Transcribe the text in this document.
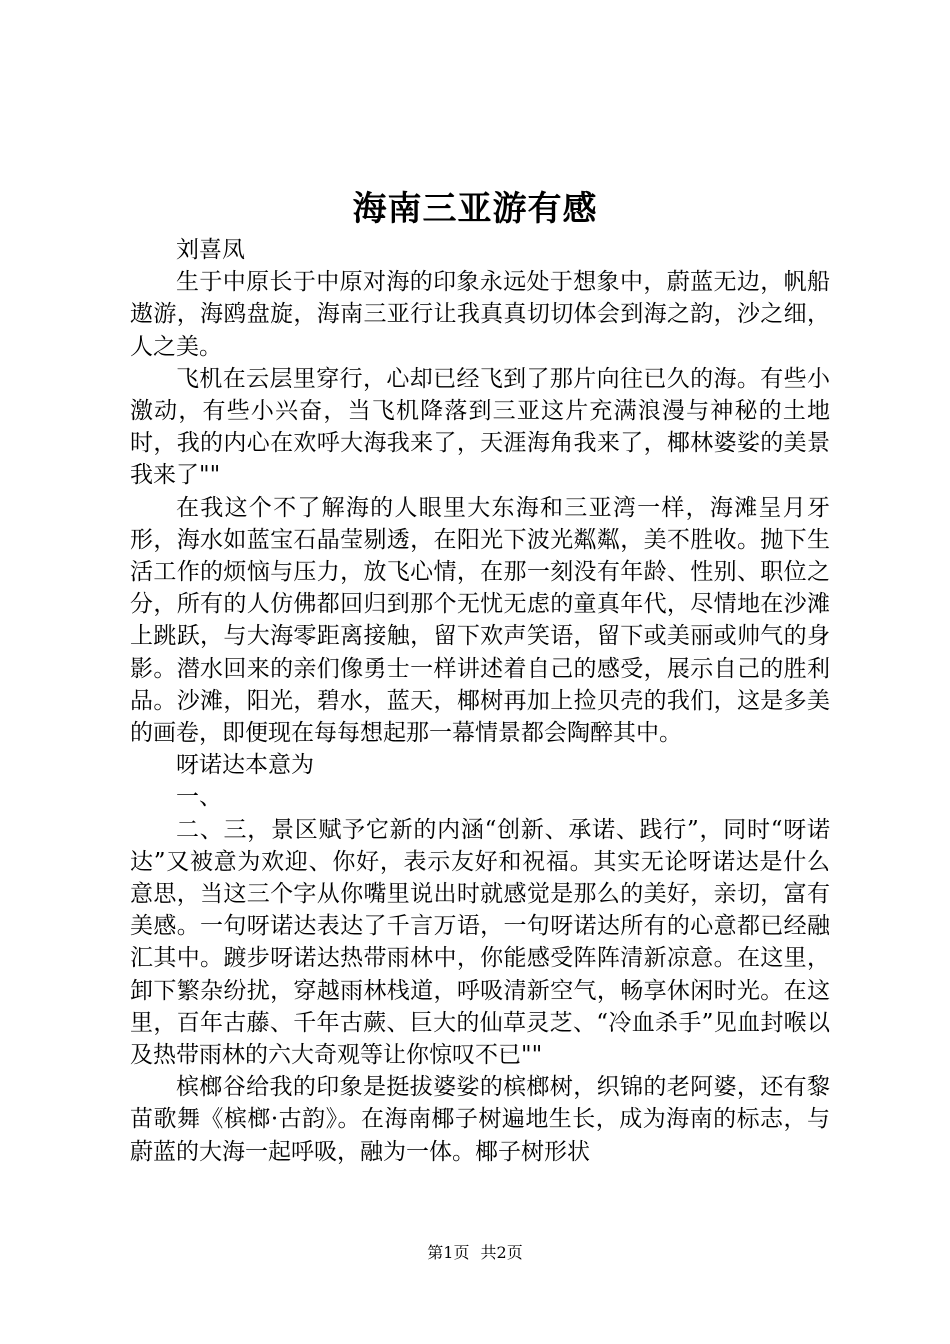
海南三亚游有感

刘喜凤

生于中原长于中原对海的印象永远处于想象中，蔚蓝无边，帆船遨游，海鸥盘旋，海南三亚行让我真真切切体会到海之韵，沙之细，人之美。

飞机在云层里穿行，心却已经飞到了那片向往已久的海。有些小激动，有些小兴奋，当飞机降落到三亚这片充满浪漫与神秘的土地时，我的内心在欢呼大海我来了，天涯海角我来了，椰林婆娑的美景我来了""

在我这个不了解海的人眼里大东海和三亚湾一样，海滩呈月牙形，海水如蓝宝石晶莹剔透，在阳光下波光粼粼，美不胜收。抛下生活工作的烦恼与压力，放飞心情，在那一刻没有年龄、性别、职位之分，所有的人仿佛都回归到那个无忧无虑的童真年代，尽情地在沙滩上跳跃，与大海零距离接触，留下欢声笑语，留下或美丽或帅气的身影。潜水回来的亲们像勇士一样讲述着自己的感受，展示自己的胜利品。沙滩，阳光，碧水，蓝天，椰树再加上捡贝壳的我们，这是多美的画卷，即便现在每每想起那一幕情景都会陶醉其中。

呀诺达本意为

一、

二、三，景区赋予它新的内涵“创新、承诺、践行”，同时“呀诺达”又被意为欢迎、你好，表示友好和祝福。其实无论呀诺达是什么意思，当这三个字从你嘴里说出时就感觉是那么的美好，亲切，富有美感。一句呀诺达表达了千言万语，一句呀诺达所有的心意都已经融汇其中。踱步呀诺达热带雨林中，你能感受阵阵清新凉意。在这里，卸下繁杂纷扰，穿越雨林栈道，呼吸清新空气，畅享休闲时光。在这里，百年古藤、千年古蕨、巨大的仙草灵芝、“冷血杀手”见血封喉以及热带雨林的六大奇观等让你惊叹不已""

槟榔谷给我的印象是挺拔婆娑的槟榔树，织锦的老阿婆，还有黎苗歌舞《槟榔·古韵》。在海南椰子树遍地生长，成为海南的标志，与蔚蓝的大海一起呼吸，融为一体。椰子树形状

第1页 共2页
